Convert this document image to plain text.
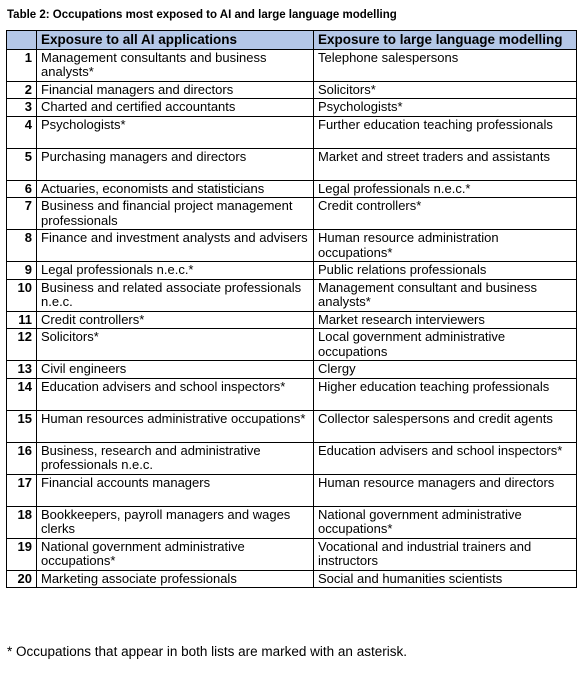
Table 2: Occupations most exposed to AI and large language modelling
	Exposure to all AI applications	Exposure to large language modelling
1	Management consultants and business analysts*	Telephone salespersons
2	Financial managers and directors	Solicitors*
3	Charted and certified accountants	Psychologists*
4	Psychologists*	Further education teaching professionals
5	Purchasing managers and directors	Market and street traders and assistants
6	Actuaries, economists and statisticians	Legal professionals n.e.c.*
7	Business and financial project management professionals	Credit controllers*
8	Finance and investment analysts and advisers	Human resource administration occupations*
9	Legal professionals n.e.c.*	Public relations professionals
10	Business and related associate professionals n.e.c.	Management consultant and business analysts*
11	Credit controllers*	Market research interviewers
12	Solicitors*	Local government administrative occupations
13	Civil engineers	Clergy
14	Education advisers and school inspectors*	Higher education teaching professionals
15	Human resources administrative occupations*	Collector salespersons and credit agents
16	Business, research and administrative professionals n.e.c.	Education advisers and school inspectors*
17	Financial accounts managers	Human resource managers and directors
18	Bookkeepers, payroll managers and wages clerks	National government administrative occupations*
19	National government administrative occupations*	Vocational and industrial trainers and instructors
20	Marketing associate professionals	Social and humanities scientists
* Occupations that appear in both lists are marked with an asterisk.
